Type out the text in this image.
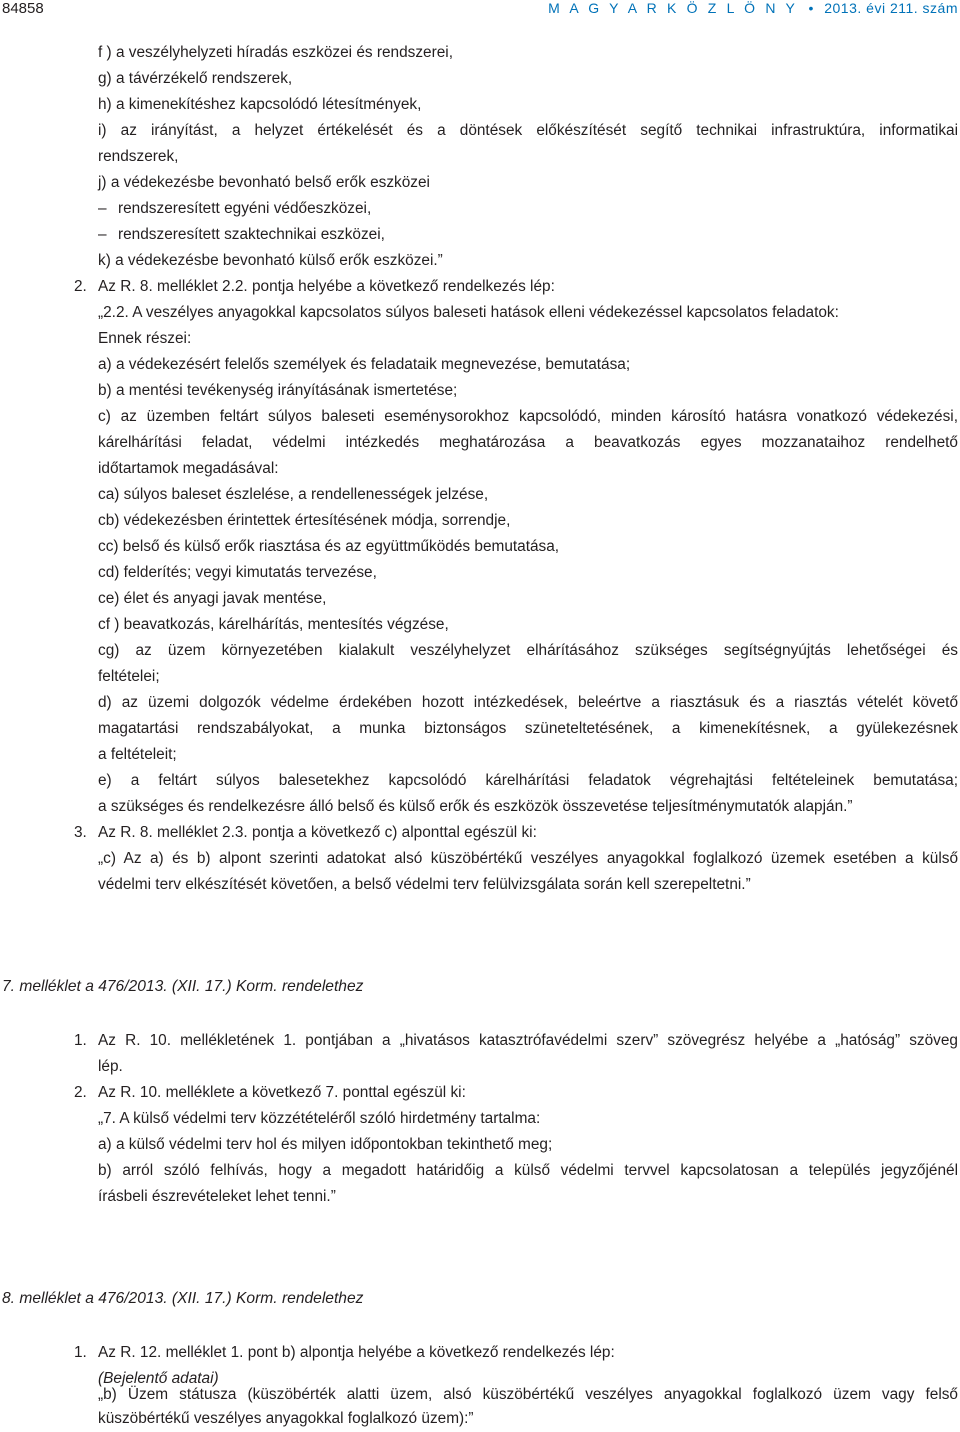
84858	M A G Y A R K Ö Z L Ö N Y • 2013. évi 211. szám
f ) a veszélyhelyzeti híradás eszközei és rendszerei,
g) a távérzékelő rendszerek,
h) a kimenekítéshez kapcsolódó létesítmények,
i) az irányítást, a helyzet értékelését és a döntések előkészítését segítő technikai infrastruktúra, informatikai
rendszerek,
j) a védekezésbe bevonható belső erők eszközei
– rendszeresített egyéni védőeszközei,
– rendszeresített szaktechnikai eszközei,
k) a védekezésbe bevonható külső erők eszközei.”
2. Az R. 8. melléklet 2.2. pontja helyébe a következő rendelkezés lép:
„2.2. A veszélyes anyagokkal kapcsolatos súlyos baleseti hatások elleni védekezéssel kapcsolatos feladatok:
Ennek részei:
a) a védekezésért felelős személyek és feladataik megnevezése, bemutatása;
b) a mentési tevékenység irányításának ismertetése;
c) az üzemben feltárt súlyos baleseti eseménysorokhoz kapcsolódó, minden károsító hatásra vonatkozó védekezési,
kárelhárítási feladat, védelmi intézkedés meghatározása a beavatkozás egyes mozzanataihoz rendelhető
időtartamok megadásával:
ca) súlyos baleset észlelése, a rendellenességek jelzése,
cb) védekezésben érintettek értesítésének módja, sorrendje,
cc) belső és külső erők riasztása és az együttműködés bemutatása,
cd) felderítés; vegyi kimutatás tervezése,
ce) élet és anyagi javak mentése,
cf ) beavatkozás, kárelhárítás, mentesítés végzése,
cg) az üzem környezetében kialakult veszélyhelyzet elhárításához szükséges segítségnyújtás lehetőségei és
feltételei;
d) az üzemi dolgozók védelme érdekében hozott intézkedések, beleértve a riasztásuk és a riasztás vételét követő
magatartási rendszabályokat, a munka biztonságos szüneteltetésének, a kimenekítésnek, a gyülekezésnek
a feltételeit;
e) a feltárt súlyos balesetekhez kapcsolódó kárelhárítási feladatok végrehajtási feltételeinek bemutatása;
a szükséges és rendelkezésre álló belső és külső erők és eszközök összevetése teljesítménymutatók alapján.”
3. Az R. 8. melléklet 2.3. pontja a következő c) alponttal egészül ki:
„c) Az a) és b) alpont szerinti adatokat alsó küszöbértékű veszélyes anyagokkal foglalkozó üzemek esetében a külső
védelmi terv elkészítését követően, a belső védelmi terv felülvizsgálata során kell szerepeltetni.”
7. melléklet a 476/2013. (XII. 17.) Korm. rendelethez
1. Az R. 10. mellékletének 1. pontjában a „hivatásos katasztrófavédelmi szerv” szövegrész helyébe a „hatóság” szöveg
lép.
2. Az R. 10. melléklete a következő 7. ponttal egészül ki:
„7. A külső védelmi terv közzétételéről szóló hirdetmény tartalma:
a) a külső védelmi terv hol és milyen időpontokban tekinthető meg;
b) arról szóló felhívás, hogy a megadott határidőig a külső védelmi tervvel kapcsolatosan a település jegyzőjénél
írásbeli észrevételeket lehet tenni.”
8. melléklet a 476/2013. (XII. 17.) Korm. rendelethez
1. Az R. 12. melléklet 1. pont b) alpontja helyébe a következő rendelkezés lép:
(Bejelentő adatai)
„b) Üzem státusza (küszöbérték alatti üzem, alsó küszöbértékű veszélyes anyagokkal foglalkozó üzem vagy felső
küszöbértékű veszélyes anyagokkal foglalkozó üzem):”
